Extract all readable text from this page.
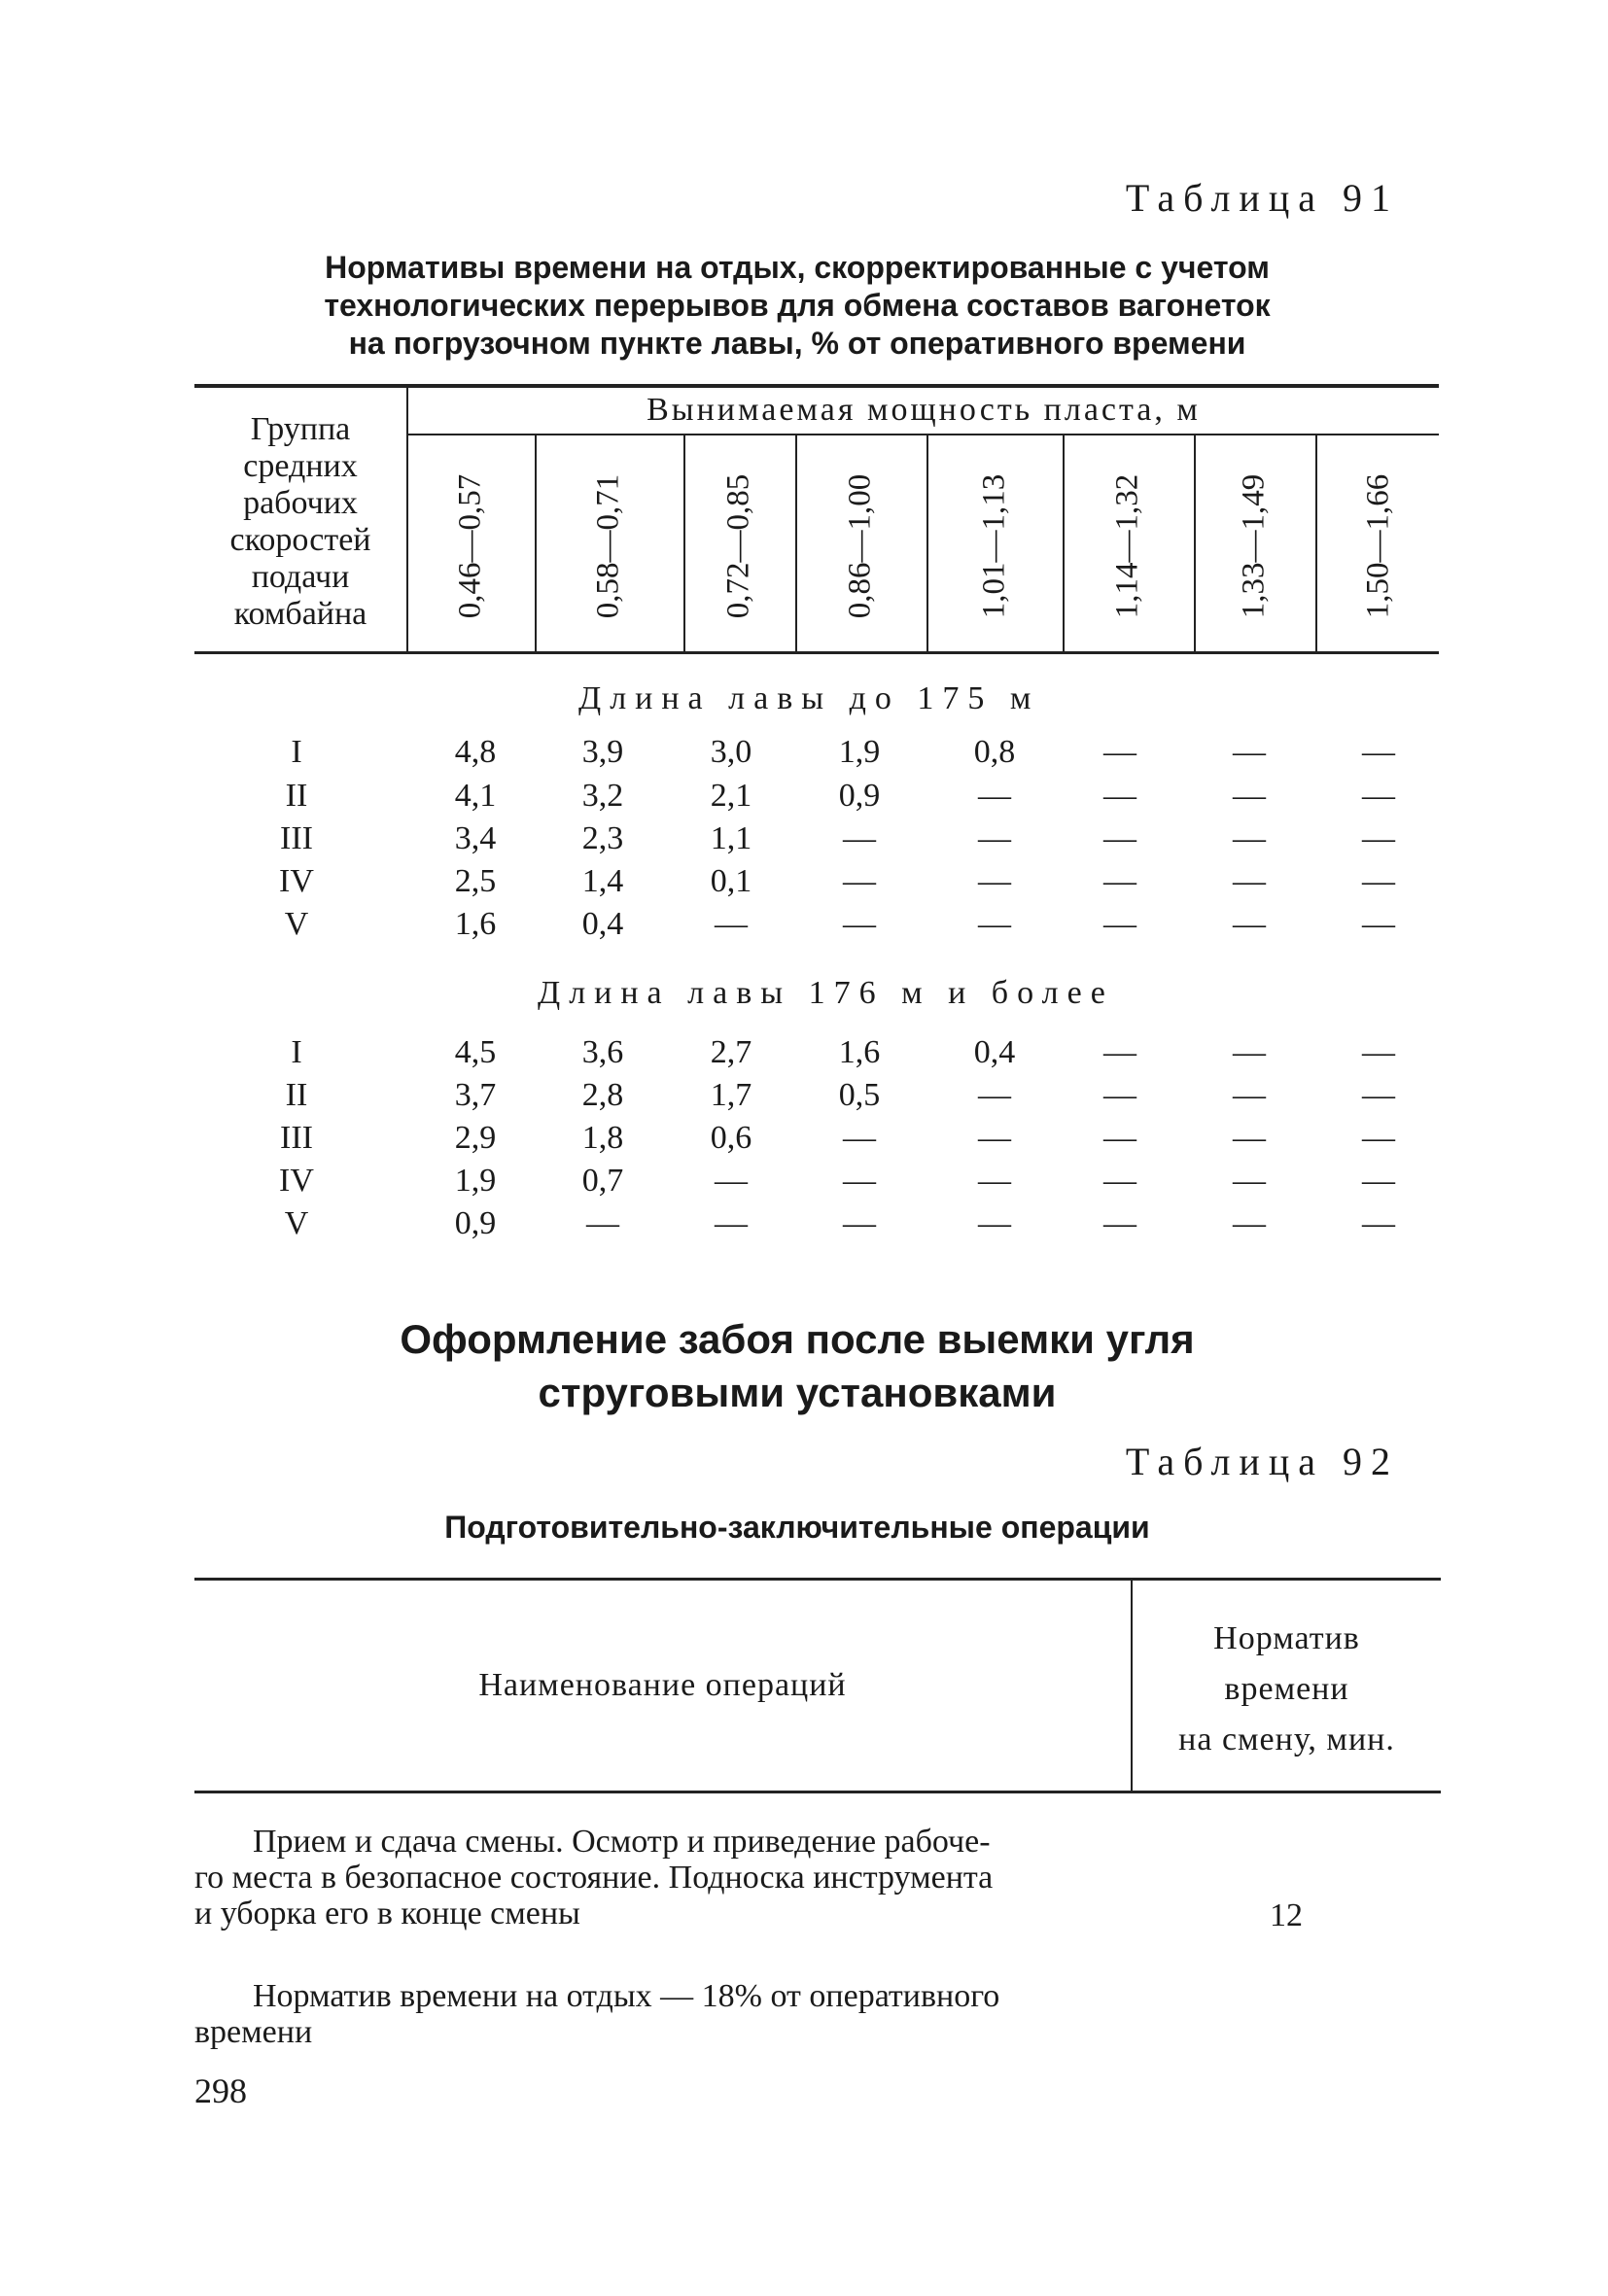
Таблица 91
Нормативы времени на отдых, скорректированные с учетом
технологических перерывов для обмена составов вагонеток
на погрузочном пункте лавы, % от оперативного времени
Группа
средних
рабочих
скоростей
подачи
комбайна
Вынимаемая мощность пласта, м
0,46—0,57	0,58—0,71	0,72—0,85	0,86—1,00	1,01—1,13	1,14—1,32	1,33—1,49	1,50—1,66
Длина лавы до 175 м
I	4,8	3,9	3,0	1,9	0,8	—	—	—
II	4,1	3,2	2,1	0,9	—	—	—	—
III	3,4	2,3	1,1	—	—	—	—	—
IV	2,5	1,4	0,1	—	—	—	—	—
V	1,6	0,4	—	—	—	—	—	—
Длина лавы 176 м и более
I	4,5	3,6	2,7	1,6	0,4	—	—	—
II	3,7	2,8	1,7	0,5	—	—	—	—
III	2,9	1,8	0,6	—	—	—	—	—
IV	1,9	0,7	—	—	—	—	—	—
V	0,9	—	—	—	—	—	—	—
Оформление забоя после выемки угля
струговыми установками
Таблица 92
Подготовительно-заключительные операции
Наименование операций
Норматив
времени
на смену, мин.
Прием и сдача смены. Осмотр и приведение рабоче-
го места в безопасное состояние. Подноска инструмента
и уборка его в конце смены	12
Норматив времени на отдых — 18% от оперативного
времени
298
